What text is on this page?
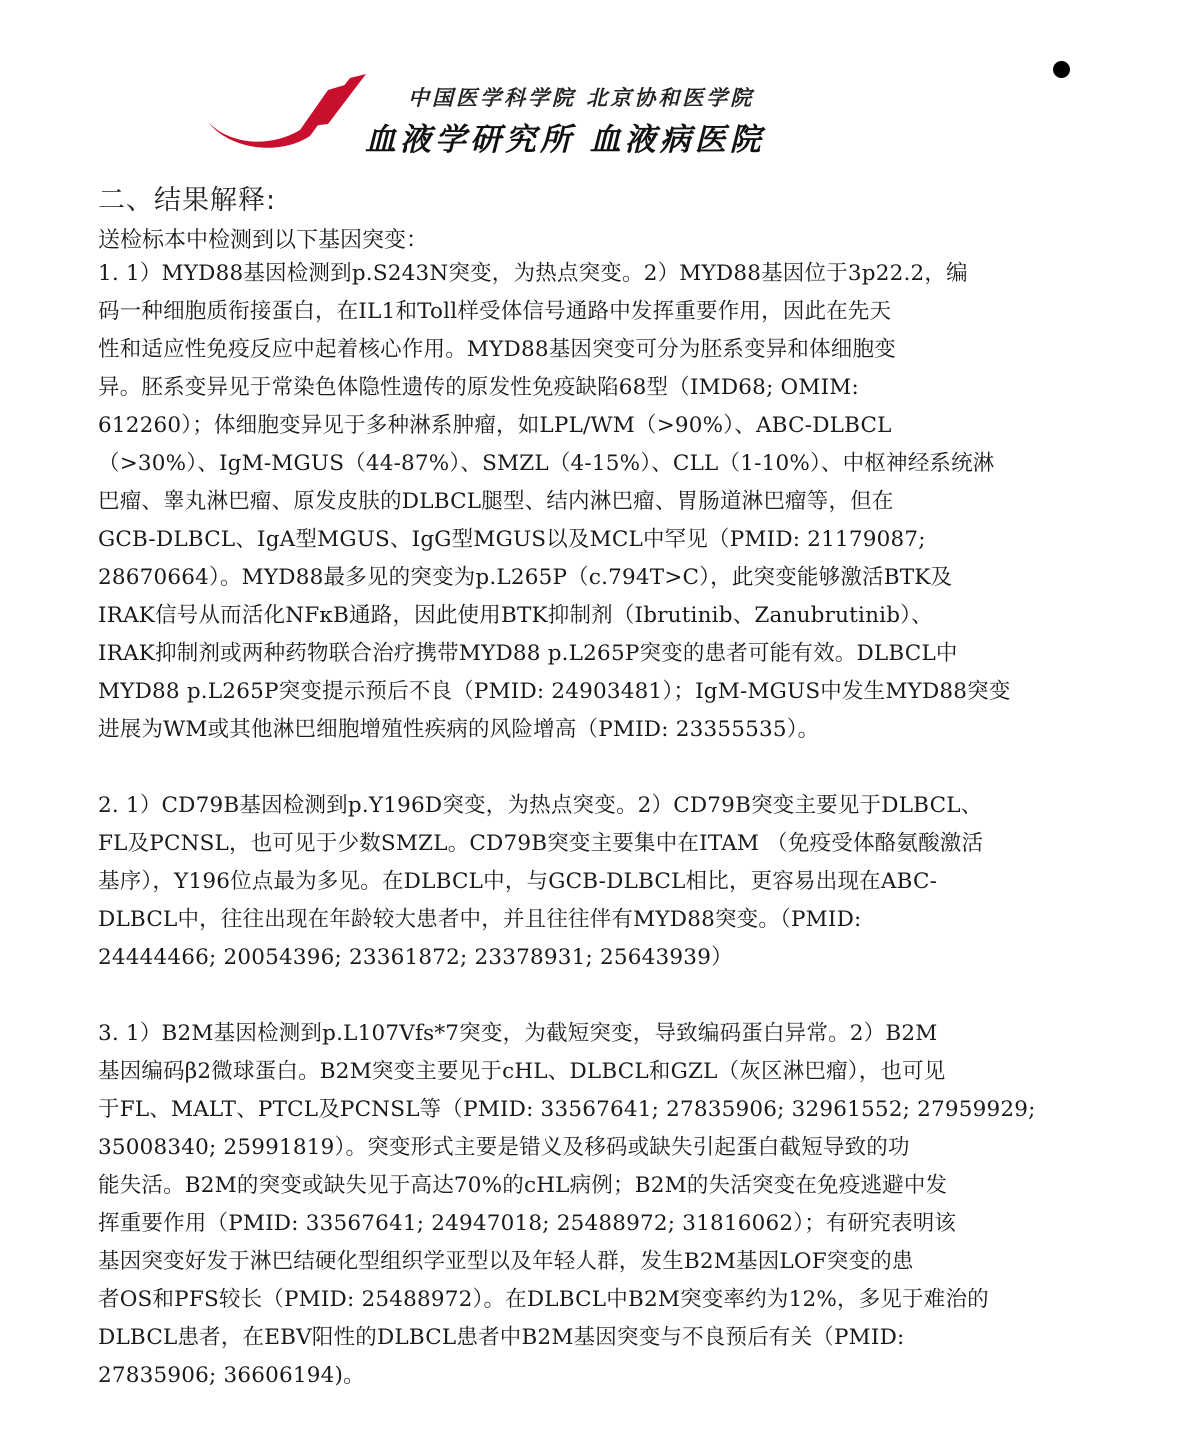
中国医学科学院 北京协和医学院
血液学研究所 血液病医院
二、结果解释:
送检标本中检测到以下基因突变：
1. 1）MYD88基因检测到p.S243N突变，为热点突变。2）MYD88基因位于3p22.2，编
码一种细胞质衔接蛋白，在IL1和Toll样受体信号通路中发挥重要作用，因此在先天
性和适应性免疫反应中起着核心作用。MYD88基因突变可分为胚系变异和体细胞变
异。胚系变异见于常染色体隐性遗传的原发性免疫缺陷68型（IMD68; OMIM:
612260）；体细胞变异见于多种淋系肿瘤，如LPL/WM（>90%）、ABC-DLBCL
（>30%）、IgM-MGUS（44-87%）、SMZL（4-15%）、CLL（1-10%）、中枢神经系统淋
巴瘤、睾丸淋巴瘤、原发皮肤的DLBCL腿型、结内淋巴瘤、胃肠道淋巴瘤等，但在
GCB-DLBCL、IgA型MGUS、IgG型MGUS以及MCL中罕见（PMID: 21179087;
28670664）。MYD88最多见的突变为p.L265P（c.794T>C），此突变能够激活BTK及
IRAK信号从而活化NFκB通路，因此使用BTK抑制剂（Ibrutinib、Zanubrutinib）、
IRAK抑制剂或两种药物联合治疗携带MYD88 p.L265P突变的患者可能有效。DLBCL中
MYD88 p.L265P突变提示预后不良（PMID: 24903481）；IgM-MGUS中发生MYD88突变
进展为WM或其他淋巴细胞增殖性疾病的风险增高（PMID: 23355535）。
2. 1）CD79B基因检测到p.Y196D突变，为热点突变。2）CD79B突变主要见于DLBCL、
FL及PCNSL，也可见于少数SMZL。CD79B突变主要集中在ITAM （免疫受体酪氨酸激活
基序），Y196位点最为多见。在DLBCL中，与GCB-DLBCL相比，更容易出现在ABC-
DLBCL中，往往出现在年龄较大患者中，并且往往伴有MYD88突变。（PMID:
24444466; 20054396; 23361872; 23378931; 25643939）
3. 1）B2M基因检测到p.L107Vfs*7突变，为截短突变，导致编码蛋白异常。2）B2M
基因编码β2微球蛋白。B2M突变主要见于cHL、DLBCL和GZL（灰区淋巴瘤），也可见
于FL、MALT、PTCL及PCNSL等（PMID: 33567641; 27835906; 32961552; 27959929;
35008340; 25991819）。突变形式主要是错义及移码或缺失引起蛋白截短导致的功
能失活。B2M的突变或缺失见于高达70%的cHL病例；B2M的失活突变在免疫逃避中发
挥重要作用（PMID: 33567641; 24947018; 25488972; 31816062）；有研究表明该
基因突变好发于淋巴结硬化型组织学亚型以及年轻人群，发生B2M基因LOF突变的患
者OS和PFS较长（PMID: 25488972）。在DLBCL中B2M突变率约为12%，多见于难治的
DLBCL患者，在EBV阳性的DLBCL患者中B2M基因突变与不良预后有关（PMID:
27835906; 36606194)。
